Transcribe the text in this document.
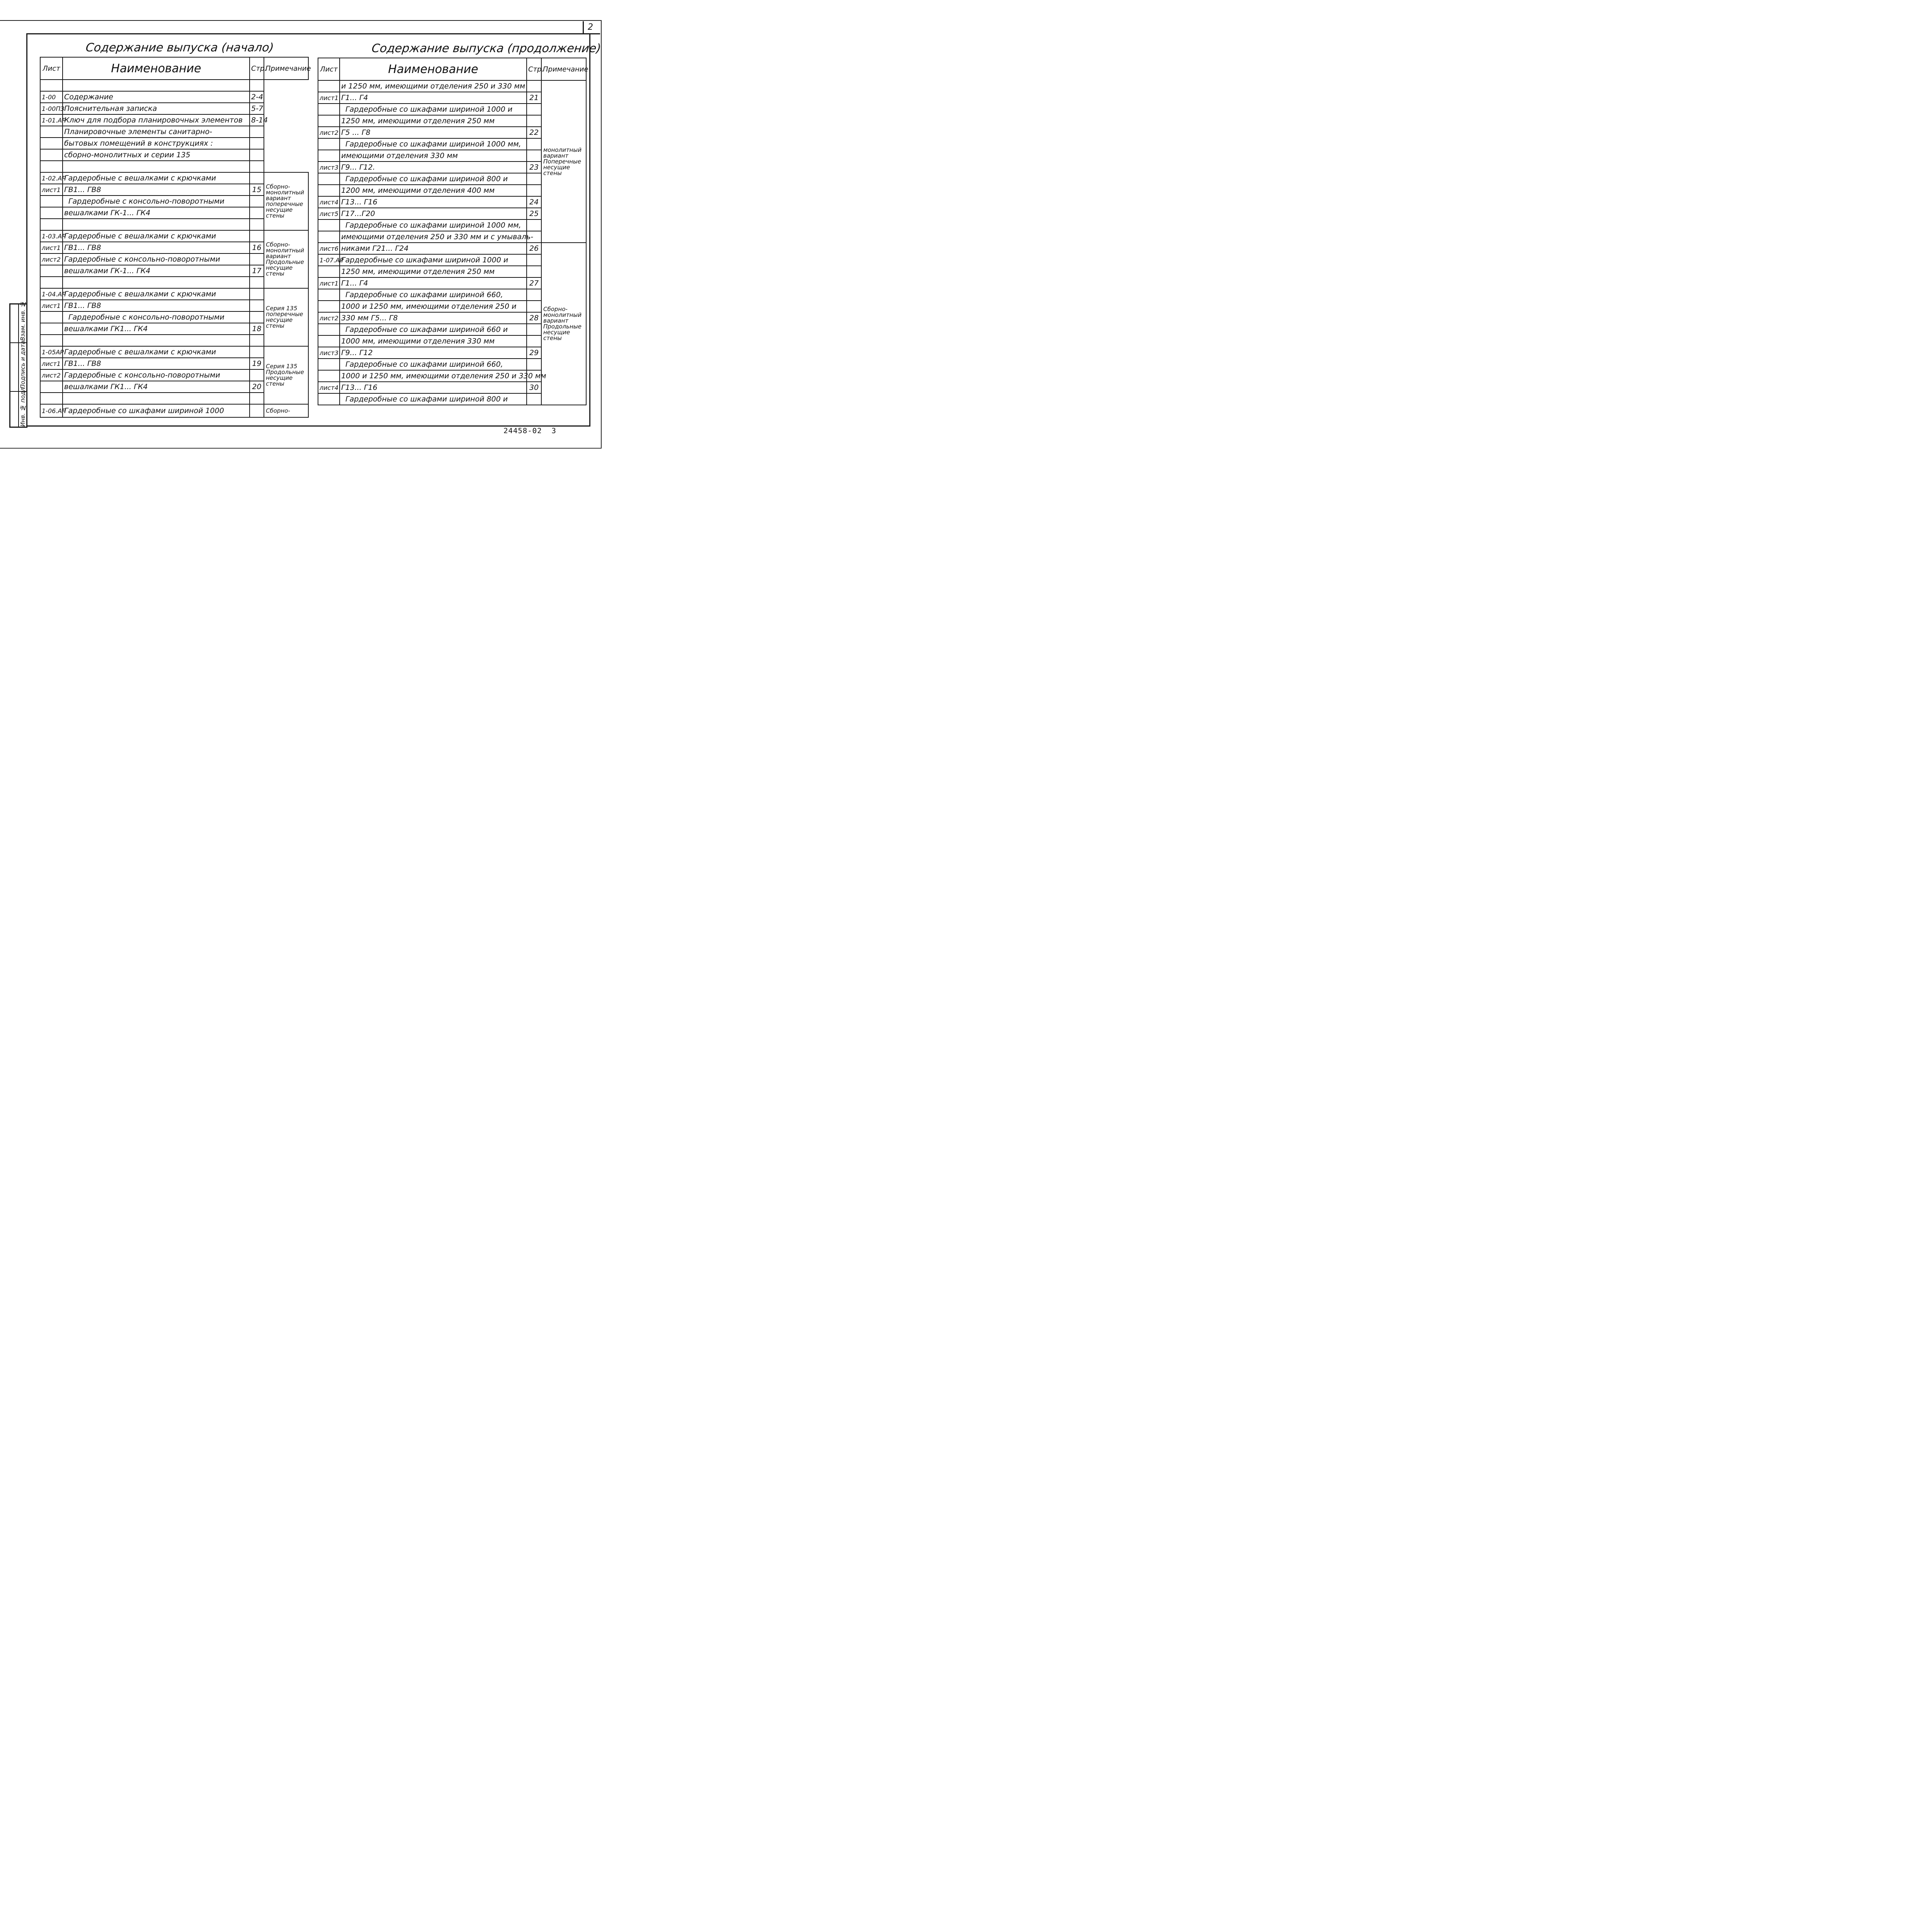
2
Взам. инв. №
Подпись и дата
Инв. № подл.
Содержание выпуска (начало)	Содержание выпуска (продолжение)
Лист	Наименование	Стр.	Примечание

1-00	Содержание	2-4	
1-00ПЗ	Пояснительная записка	5-7	
1-01.АР	Ключ для подбора планировочных элементов	8-14	
	Планировочные элементы санитарно-		
	бытовых помещений в конструкциях :		
	сборно-монолитных и серии 135		

1-02.АР	Гардеробные с вешалками с крючками		Сборно-монолитный вариант поперечные несущие стены
лист1	ГВ1... ГВ8	15	
	Гардеробные с консольно-поворотными		
	вешалками ГК-1... ГК4		

1-03.АР	Гардеробные с вешалками с крючками		Сборно-монолитный вариант Продольные несущие стены
лист1	ГВ1... ГВ8	16	
лист2	Гардеробные с консольно-поворотными		
	вешалками ГК-1... ГК4	17	

1-04.АР	Гардеробные с вешалками с крючками		Серия 135 поперечные несущие стены
лист1	ГВ1... ГВ8		
	Гардеробные с консольно-поворотными		
	вешалками ГК1... ГК4	18	

1-05АР	Гардеробные с вешалками с крючками		Серия 135 Продольные несущие стены
лист1	ГВ1... ГВ8	19	
лист2	Гардеробные с консольно-поворотными		
	вешалками ГК1... ГК4	20	

1-06.АР	Гардеробные со шкафами шириной 1000		Сборно-
Лист	Наименование	Стр.	Примечание
	и 1250 мм, имеющими отделения 250 и 330 мм		монолитный вариант Поперечные несущие стены
лист1	Г1... Г4	21	
	Гардеробные со шкафами шириной 1000 и		
	1250 мм, имеющими отделения 250 мм		
лист2	Г5 ... Г8	22	
	Гардеробные со шкафами шириной 1000 мм,		
	имеющими отделения 330 мм		
лист3	Г9... Г12.	23	
	Гардеробные со шкафами шириной 800 и		
	1200 мм, имеющими отделения 400 мм		
лист4	Г13... Г16	24	
лист5	Г17...Г20	25	
	Гардеробные со шкафами шириной 1000 мм,		
	имеющими отделения 250 и 330 мм и с умываль-		
лист6	никами Г21... Г24	26	Сборно-монолитный вариант Продольные несущие стены
1-07.АР	Гардеробные со шкафами шириной 1000 и		
	1250 мм, имеющими отделения 250 мм		
лист1	Г1... Г4	27	
	Гардеробные со шкафами шириной 660,		
	1000 и 1250 мм, имеющими отделения 250 и		
лист2	330 мм Г5... Г8	28	
	Гардеробные со шкафами шириной 660 и		
	1000 мм, имеющими отделения 330 мм		
лист3	Г9... Г12	29	
	Гардеробные со шкафами шириной 660,		
	1000 и 1250 мм, имеющими отделения 250 и 330 мм		
лист4	Г13... Г16	30	
	Гардеробные со шкафами шириной 800 и		
24458-02 3
